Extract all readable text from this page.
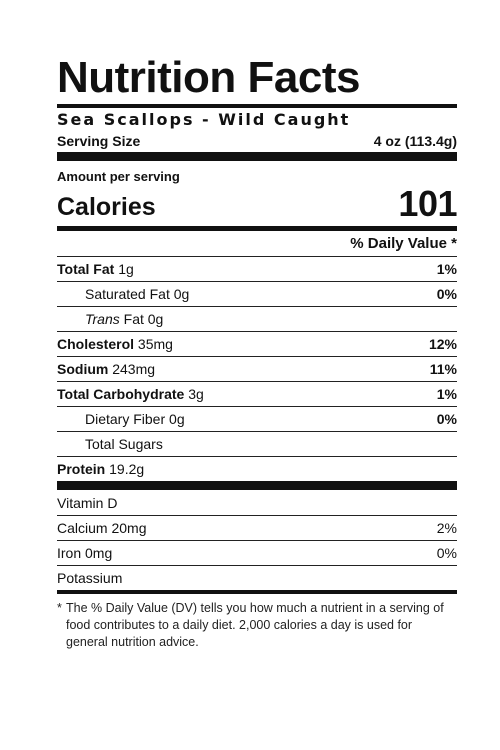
Nutrition Facts
Sea Scallops - Wild Caught
Serving Size	4 oz (113.4g)
Amount per serving
Calories	101
% Daily Value *
Total Fat 1g	1%
Saturated Fat 0g	0%
Trans Fat 0g
Cholesterol 35mg	12%
Sodium 243mg	11%
Total Carbohydrate 3g	1%
Dietary Fiber 0g	0%
Total Sugars
Protein 19.2g
Vitamin D
Calcium 20mg	2%
Iron 0mg	0%
Potassium
* The % Daily Value (DV) tells you how much a nutrient in a serving of food contributes to a daily diet. 2,000 calories a day is used for general nutrition advice.
